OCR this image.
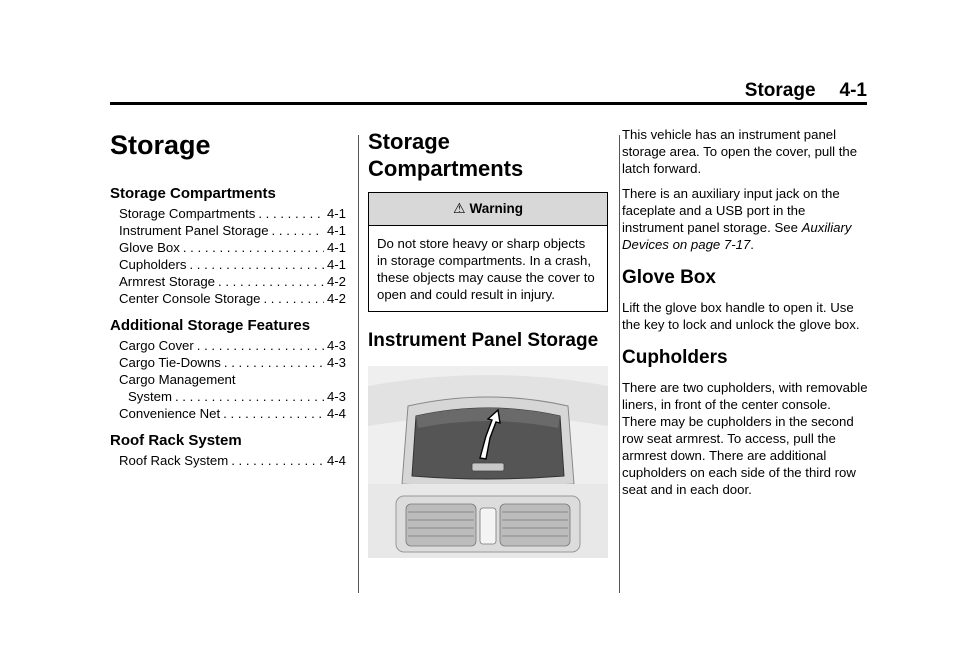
Storage 4-1
Storage
Storage Compartments
Storage Compartments . . .	4-1
Instrument Panel Storage . . .	4-1
Glove Box . . .	4-1
Cupholders . . .	4-1
Armrest Storage . . .	4-2
Center Console Storage . . .	4-2
Additional Storage Features
Cargo Cover . . .	4-3
Cargo Tie-Downs . . .	4-3
Cargo Management
System . . .	4-3
Convenience Net . . .	4-4
Roof Rack System
Roof Rack System . . .	4-4
Storage
Compartments
⚠ Warning
Do not store heavy or sharp objects in storage compartments. In a crash, these objects may cause the cover to open and could result in injury.
Instrument Panel Storage

This vehicle has an instrument panel storage area. To open the cover, pull the latch forward.

There is an auxiliary input jack on the faceplate and a USB port in the instrument panel storage. See Auxiliary Devices on page 7-17.

Glove Box

Lift the glove box handle to open it. Use the key to lock and unlock the glove box.

Cupholders

There are two cupholders, with removable liners, in front of the center console. There may be cupholders in the second row seat armrest. To access, pull the armrest down. There are additional cupholders on each side of the third row seat and in each door.
